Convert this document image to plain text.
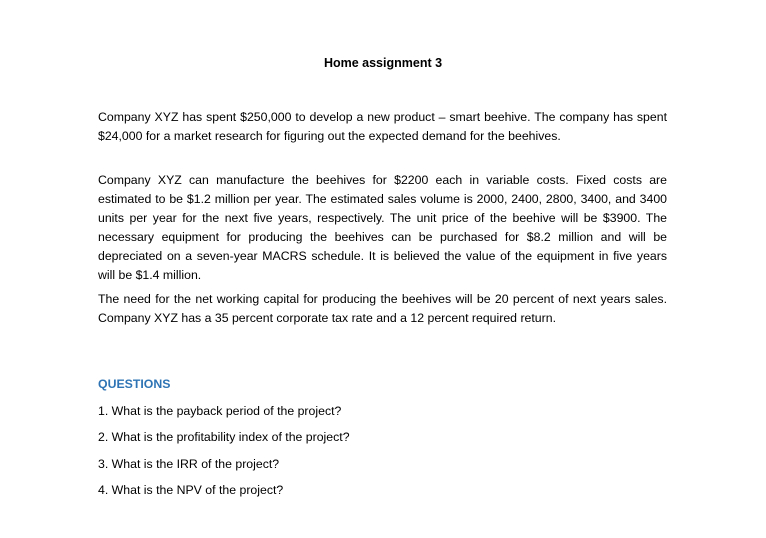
Home assignment 3

Company XYZ has spent $250,000 to develop a new product – smart beehive. The company has spent $24,000 for a market research for figuring out the expected demand for the beehives.

Company XYZ can manufacture the beehives for $2200 each in variable costs. Fixed costs are estimated to be $1.2 million per year. The estimated sales volume is 2000, 2400, 2800, 3400, and 3400 units per year for the next five years, respectively. The unit price of the beehive will be $3900. The necessary equipment for producing the beehives can be purchased for $8.2 million and will be depreciated on a seven-year MACRS schedule. It is believed the value of the equipment in five years will be $1.4 million.

The need for the net working capital for producing the beehives will be 20 percent of next years sales. Company XYZ has a 35 percent corporate tax rate and a 12 percent required return.

QUESTIONS
1. What is the payback period of the project?
2. What is the profitability index of the project?
3. What is the IRR of the project?
4. What is the NPV of the project?
